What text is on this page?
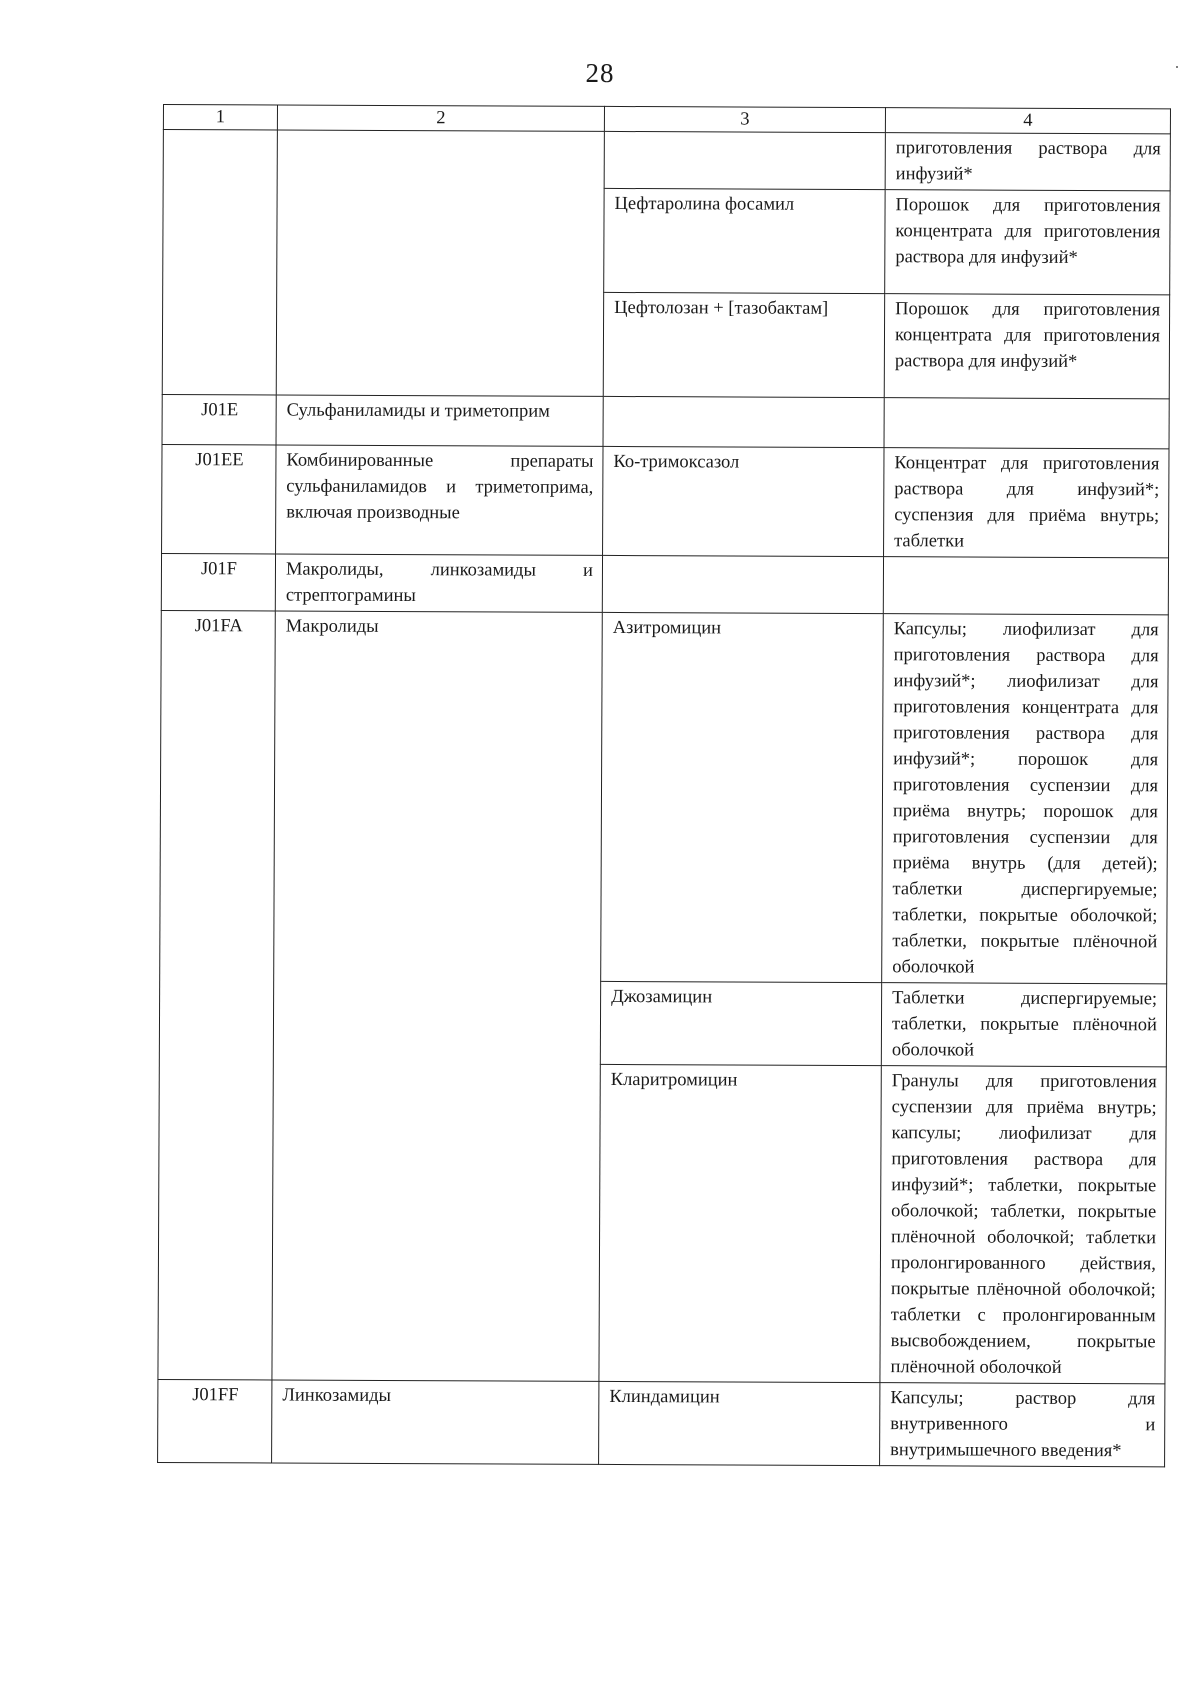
28
1	2	3	4
			приготовления раствора для инфузий*
		Цефтаролина фосамил	Порошок для приготовления концентрата для приготовления раствора для инфузий*
		Цефтолозан + [тазобактам]	Порошок для приготовления концентрата для приготовления раствора для инфузий*
J01E	Сульфаниламиды и триметоприм		
J01EE	Комбинированные препараты сульфаниламидов и триметоприма, включая производные	Ко-тримоксазол	Концентрат для приготовления раствора для инфузий*; суспензия для приёма внутрь; таблетки
J01F	Макролиды, линкозамиды и стрептограмины		
J01FA	Макролиды	Азитромицин	Капсулы; лиофилизат для приготовления раствора для инфузий*; лиофилизат для приготовления концентрата для приготовления раствора для инфузий*; порошок для приготовления суспензии для приёма внутрь; порошок для приготовления суспензии для приёма внутрь (для детей); таблетки диспергируемые; таблетки, покрытые оболочкой; таблетки, покрытые плёночной оболочкой
		Джозамицин	Таблетки диспергируемые; таблетки, покрытые плёночной оболочкой
		Кларитромицин	Гранулы для приготовления суспензии для приёма внутрь; капсулы; лиофилизат для приготовления раствора для инфузий*; таблетки, покрытые оболочкой; таблетки, покрытые плёночной оболочкой; таблетки пролонгированного действия, покрытые плёночной оболочкой; таблетки с пролонгированным высвобождением, покрытые плёночной оболочкой
J01FF	Линкозамиды	Клиндамицин	Капсулы; раствор для внутривенного и внутримышечного введения*
